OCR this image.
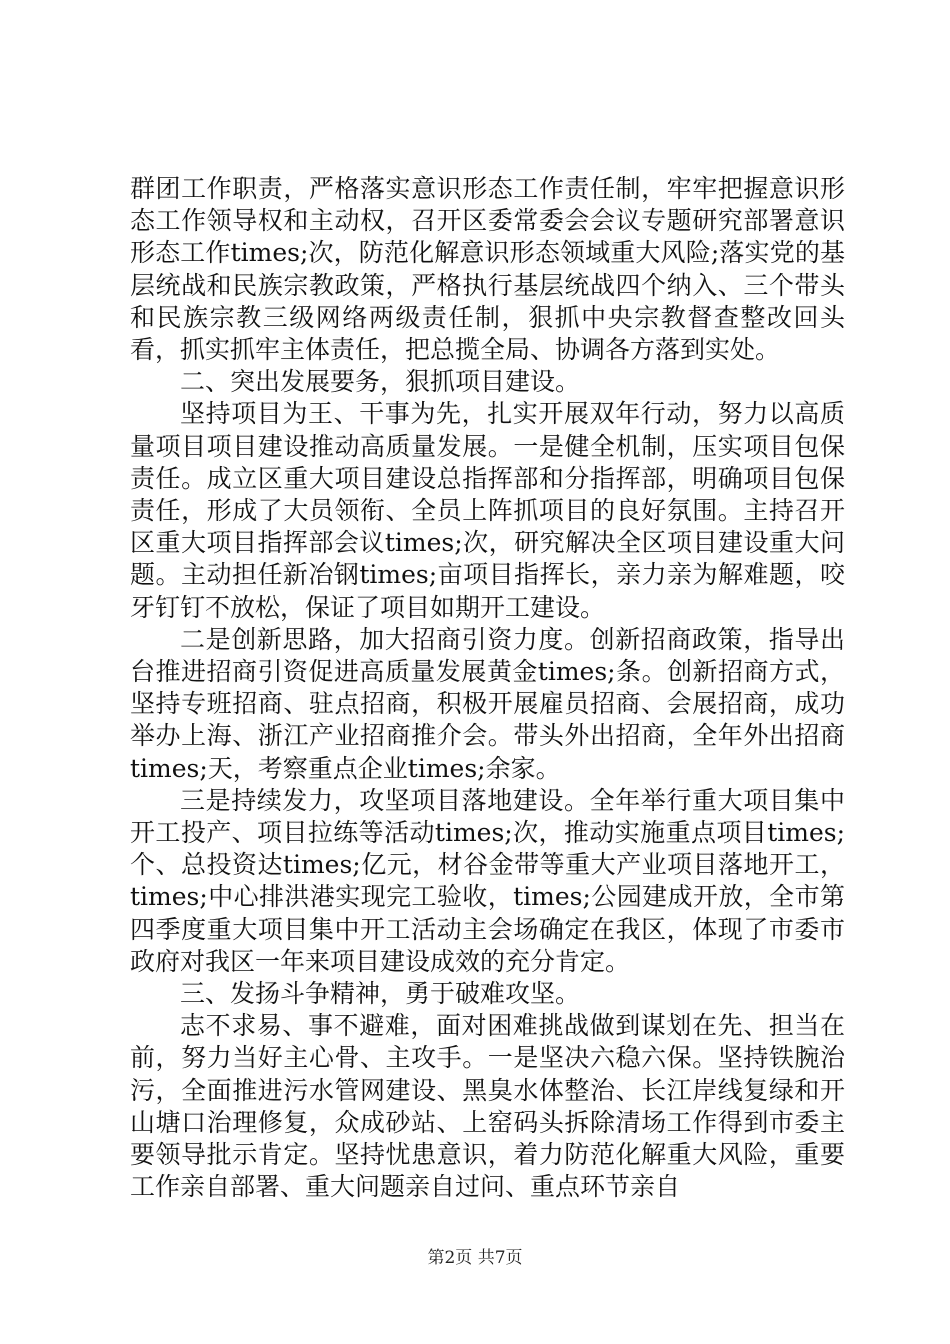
群团工作职责，严格落实意识形态工作责任制，牢牢把握意识形态工作领导权和主动权，召开区委常委会会议专题研究部署意识形态工作times;次，防范化解意识形态领域重大风险;落实党的基层统战和民族宗教政策，严格执行基层统战四个纳入、三个带头和民族宗教三级网络两级责任制，狠抓中央宗教督查整改回头看，抓实抓牢主体责任，把总揽全局、协调各方落到实处。

二、突出发展要务，狠抓项目建设。

坚持项目为王、干事为先，扎实开展双年行动，努力以高质量项目项目建设推动高质量发展。一是健全机制，压实项目包保责任。成立区重大项目建设总指挥部和分指挥部，明确项目包保责任，形成了大员领衔、全员上阵抓项目的良好氛围。主持召开区重大项目指挥部会议times;次，研究解决全区项目建设重大问题。主动担任新冶钢times;亩项目指挥长，亲力亲为解难题，咬牙钉钉不放松，保证了项目如期开工建设。

二是创新思路，加大招商引资力度。创新招商政策，指导出台推进招商引资促进高质量发展黄金times;条。创新招商方式，坚持专班招商、驻点招商，积极开展雇员招商、会展招商，成功举办上海、浙江产业招商推介会。带头外出招商，全年外出招商times;天，考察重点企业times;余家。

三是持续发力，攻坚项目落地建设。全年举行重大项目集中开工投产、项目拉练等活动times;次，推动实施重点项目times;个、总投资达times;亿元，材谷金带等重大产业项目落地开工，times;中心排洪港实现完工验收，times;公园建成开放，全市第四季度重大项目集中开工活动主会场确定在我区，体现了市委市政府对我区一年来项目建设成效的充分肯定。

三、发扬斗争精神，勇于破难攻坚。

志不求易、事不避难，面对困难挑战做到谋划在先、担当在前，努力当好主心骨、主攻手。一是坚决六稳六保。坚持铁腕治污，全面推进污水管网建设、黑臭水体整治、长江岸线复绿和开山塘口治理修复，众成砂站、上窑码头拆除清场工作得到市委主要领导批示肯定。坚持忧患意识，着力防范化解重大风险，重要工作亲自部署、重大问题亲自过问、重点环节亲自

第2页 共7页
